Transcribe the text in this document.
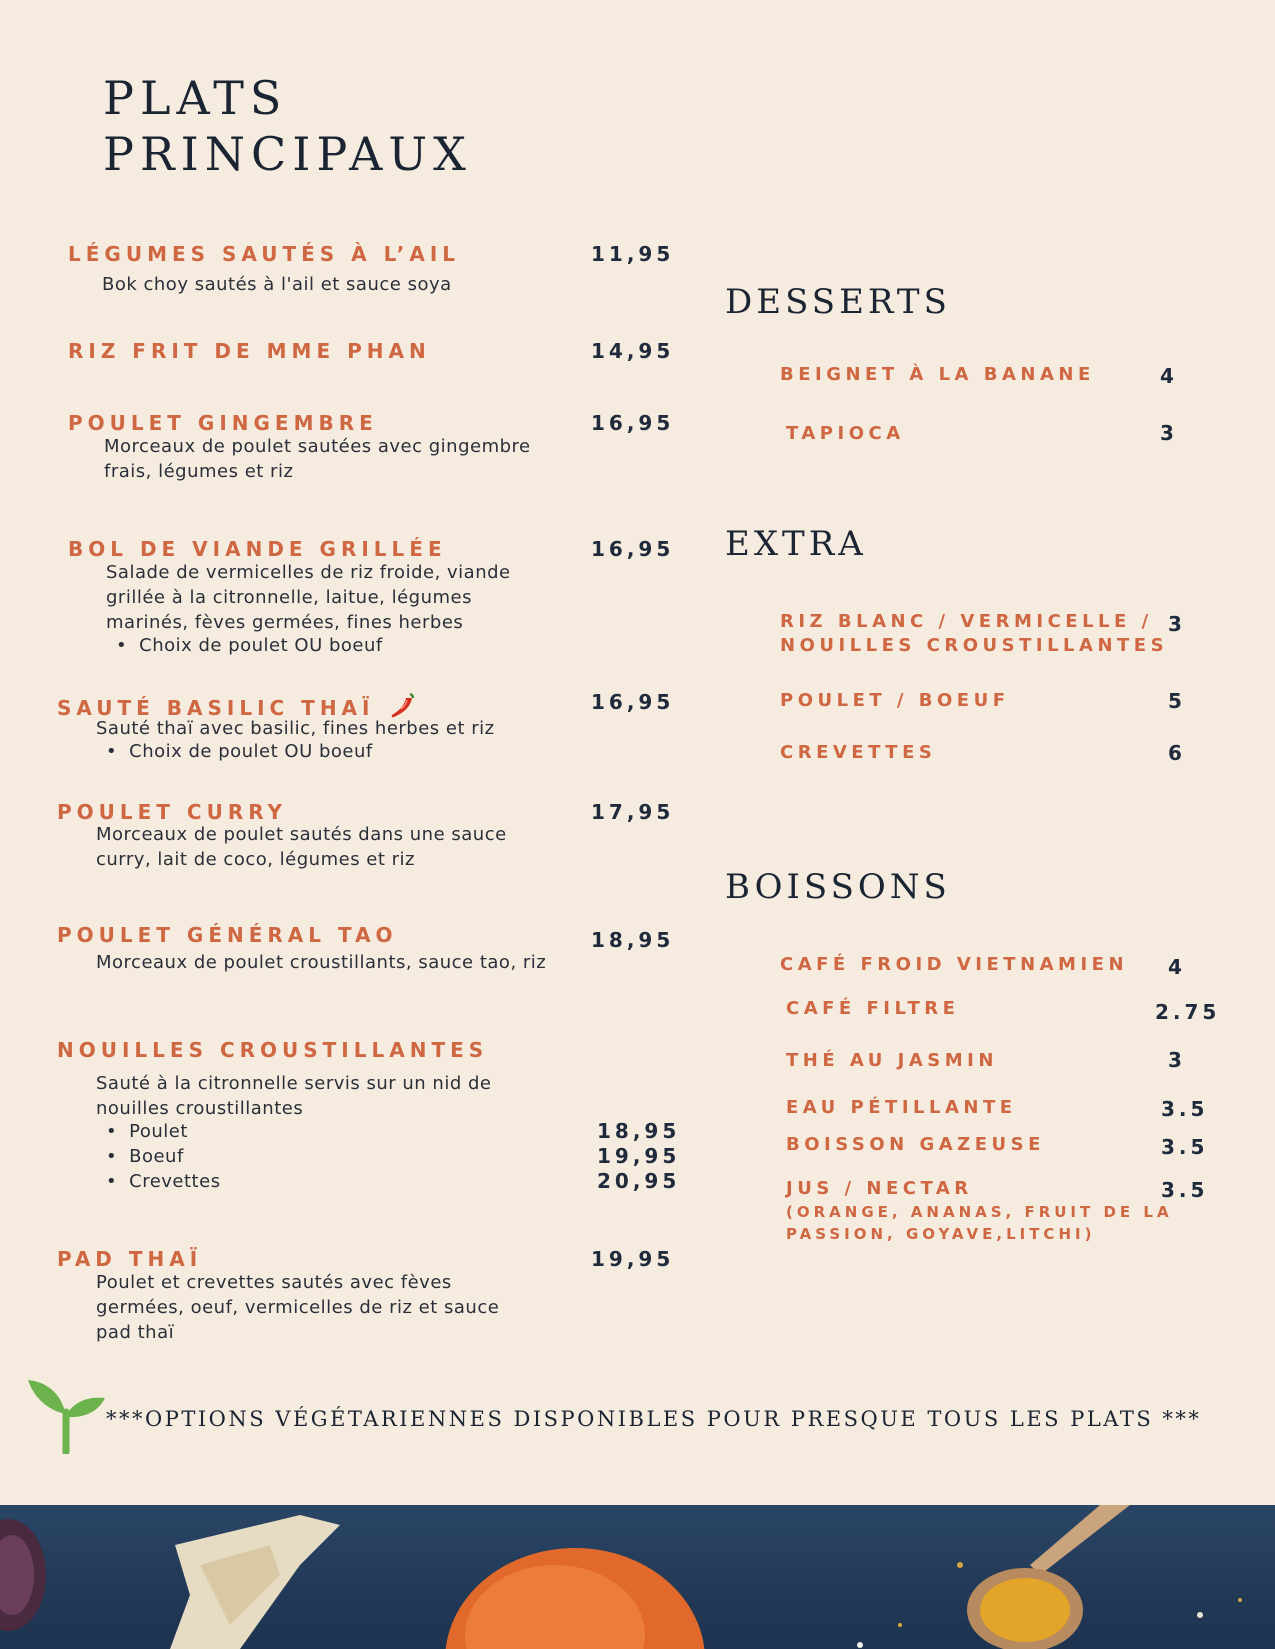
PLATS
PRINCIPAUX
LÉGUMES SAUTÉS À L’AIL	11,95
Bok choy sautés à l'ail et sauce soya
RIZ FRIT DE MME PHAN	14,95
POULET GINGEMBRE	16,95
Morceaux de poulet sautées avec gingembre frais, légumes et riz
BOL DE VIANDE GRILLÉE	16,95
Salade de vermicelles de riz froide, viande grillée à la citronnelle, laitue, légumes marinés, fèves germées, fines herbes
• Choix de poulet OU boeuf
SAUTÉ BASILIC THAÏ	16,95
Sauté thaï avec basilic, fines herbes et riz
• Choix de poulet OU boeuf
POULET CURRY	17,95
Morceaux de poulet sautés dans une sauce curry, lait de coco, légumes et riz
POULET GÉNÉRAL TAO	18,95
Morceaux de poulet croustillants, sauce tao, riz
NOUILLES CROUSTILLANTES
Sauté à la citronnelle servis sur un nid de nouilles croustillantes
• Poulet	18,95
• Boeuf	19,95
• Crevettes	20,95
PAD THAÏ	19,95
Poulet et crevettes sautés avec fèves germées, oeuf, vermicelles de riz et sauce pad thaï
DESSERTS
BEIGNET À LA BANANE	4
TAPIOCA	3
EXTRA
RIZ BLANC / VERMICELLE /
NOUILLES CROUSTILLANTES
3
POULET / BOEUF	5
CREVETTES	6
BOISSONS
CAFÉ FROID VIETNAMIEN 4
CAFÉ FILTRE	2.75
THÉ AU JASMIN	3
EAU PÉTILLANTE	3.5
BOISSON GAZEUSE	3.5
JUS / NECTAR	3.5
(ORANGE, ANANAS, FRUIT DE LA PASSION, GOYAVE,LITCHI)
***OPTIONS VÉGÉTARIENNES DISPONIBLES POUR PRESQUE TOUS LES PLATS ***
